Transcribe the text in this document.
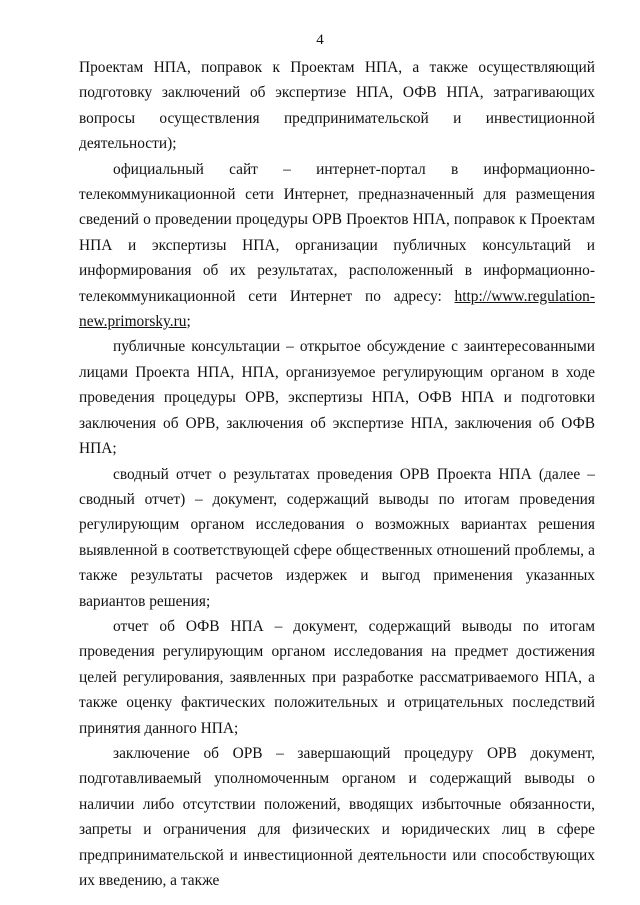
4

Проектам НПА, поправок к Проектам НПА, а также осуществляющий подготовку заключений об экспертизе НПА, ОФВ НПА, затрагивающих вопросы осуществления предпринимательской и инвестиционной деятельности);

официальный сайт – интернет-портал в информационно-телекоммуникационной сети Интернет, предназначенный для размещения сведений о проведении процедуры ОРВ Проектов НПА, поправок к Проектам НПА и экспертизы НПА, организации публичных консультаций и информирования об их результатах, расположенный в информационно-телекоммуникационной сети Интернет по адресу: http://www.regulation-new.primorsky.ru;

публичные консультации – открытое обсуждение с заинтересованными лицами Проекта НПА, НПА, организуемое регулирующим органом в ходе проведения процедуры ОРВ, экспертизы НПА, ОФВ НПА и подготовки заключения об ОРВ, заключения об экспертизе НПА, заключения об ОФВ НПА;

сводный отчет о результатах проведения ОРВ Проекта НПА (далее – сводный отчет) – документ, содержащий выводы по итогам проведения регулирующим органом исследования о возможных вариантах решения выявленной в соответствующей сфере общественных отношений проблемы, а также результаты расчетов издержек и выгод применения указанных вариантов решения;

отчет об ОФВ НПА – документ, содержащий выводы по итогам проведения регулирующим органом исследования на предмет достижения целей регулирования, заявленных при разработке рассматриваемого НПА, а также оценку фактических положительных и отрицательных последствий принятия данного НПА;

заключение об ОРВ – завершающий процедуру ОРВ документ, подготавливаемый уполномоченным органом и содержащий выводы о наличии либо отсутствии положений, вводящих избыточные обязанности, запреты и ограничения для физических и юридических лиц в сфере предпринимательской и инвестиционной деятельности или способствующих их введению, а также
